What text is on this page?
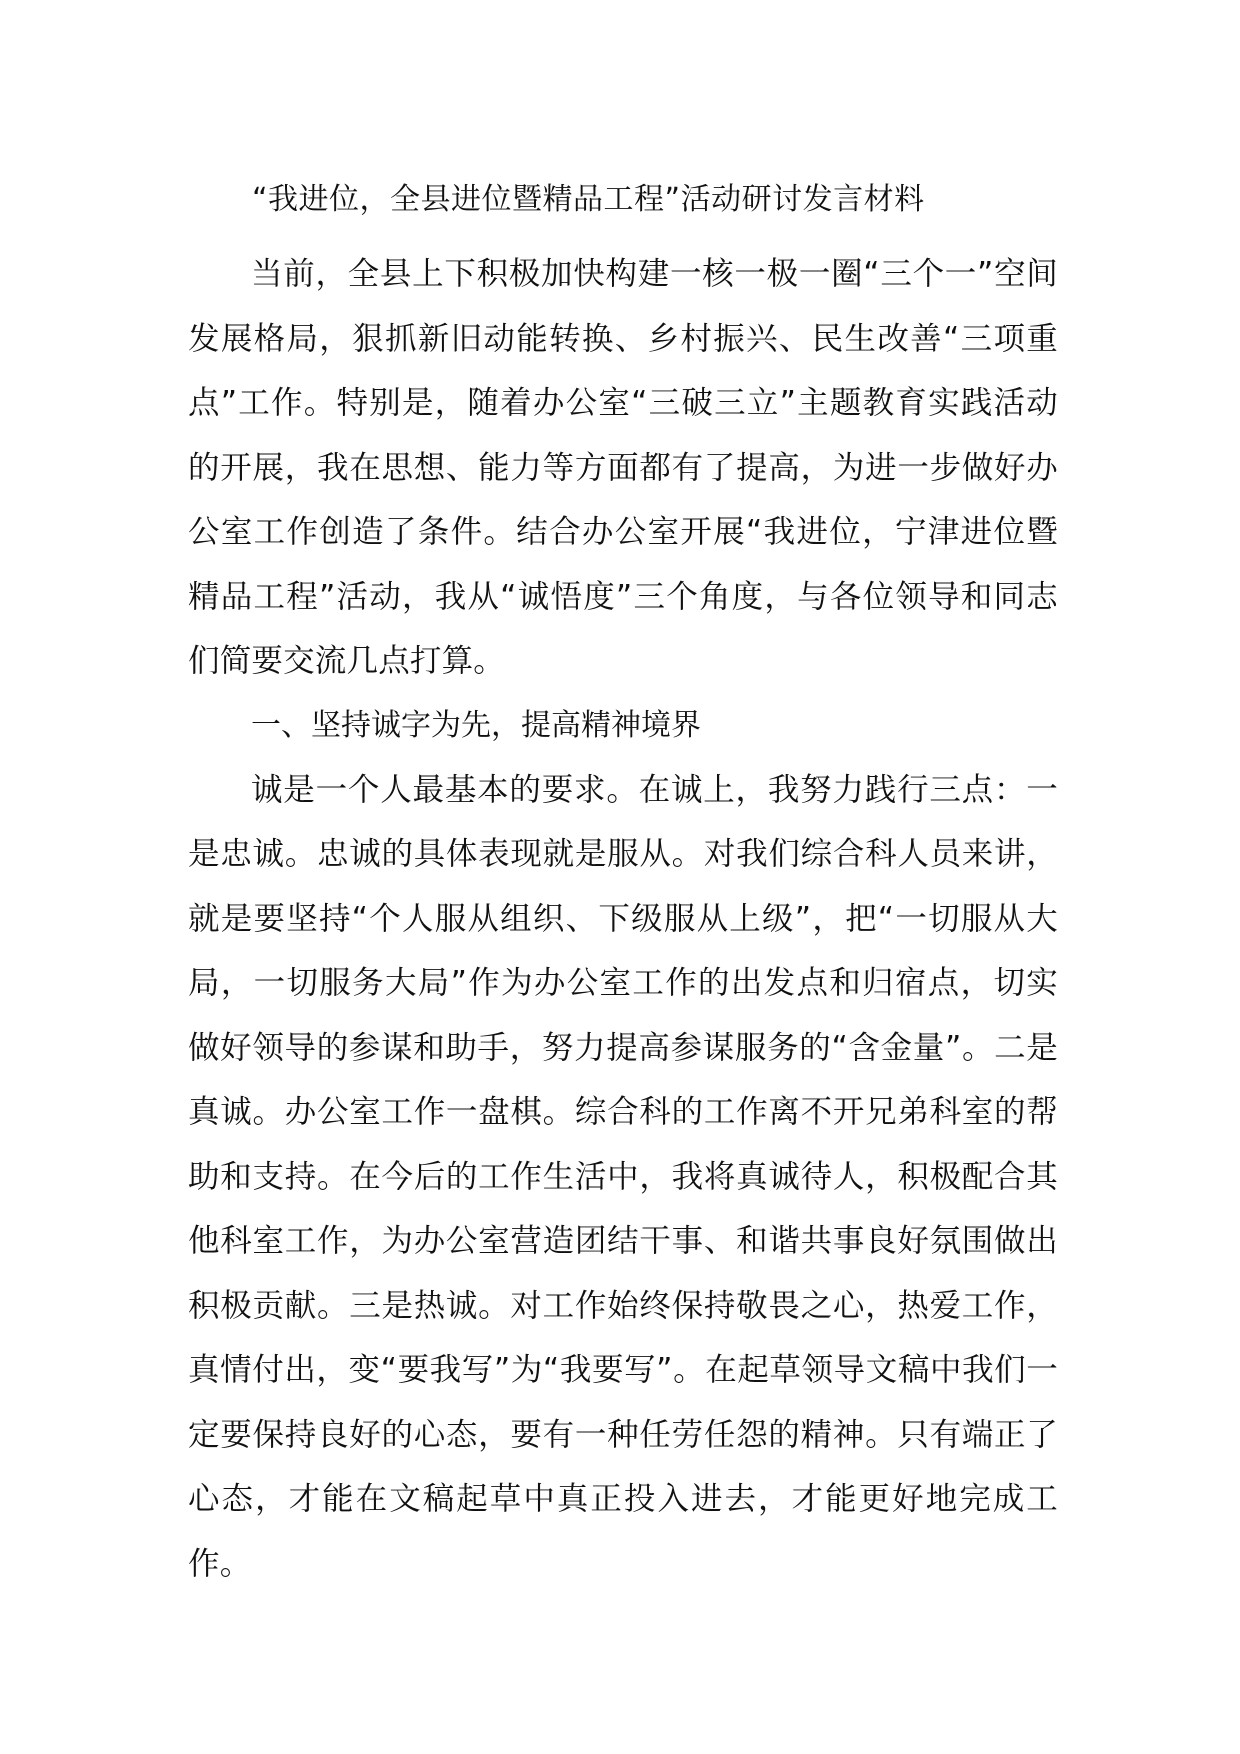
“我进位，全县进位暨精品工程”活动研讨发言材料

当前，全县上下积极加快构建一核一极一圈“三个一”空间发展格局，狠抓新旧动能转换、乡村振兴、民生改善“三项重点”工作。特别是，随着办公室“三破三立”主题教育实践活动的开展，我在思想、能力等方面都有了提高，为进一步做好办公室工作创造了条件。结合办公室开展“我进位，宁津进位暨精品工程”活动，我从“诚悟度”三个角度，与各位领导和同志们简要交流几点打算。

一、坚持诚字为先，提高精神境界

诚是一个人最基本的要求。在诚上，我努力践行三点：一是忠诚。忠诚的具体表现就是服从。对我们综合科人员来讲，就是要坚持“个人服从组织、下级服从上级”，把“一切服从大局，一切服务大局”作为办公室工作的出发点和归宿点，切实做好领导的参谋和助手，努力提高参谋服务的“含金量”。二是真诚。办公室工作一盘棋。综合科的工作离不开兄弟科室的帮助和支持。在今后的工作生活中，我将真诚待人，积极配合其他科室工作，为办公室营造团结干事、和谐共事良好氛围做出积极贡献。三是热诚。对工作始终保持敬畏之心，热爱工作，真情付出，变“要我写”为“我要写”。在起草领导文稿中我们一定要保持良好的心态，要有一种任劳任怨的精神。只有端正了心态，才能在文稿起草中真正投入进去，才能更好地完成工作。
